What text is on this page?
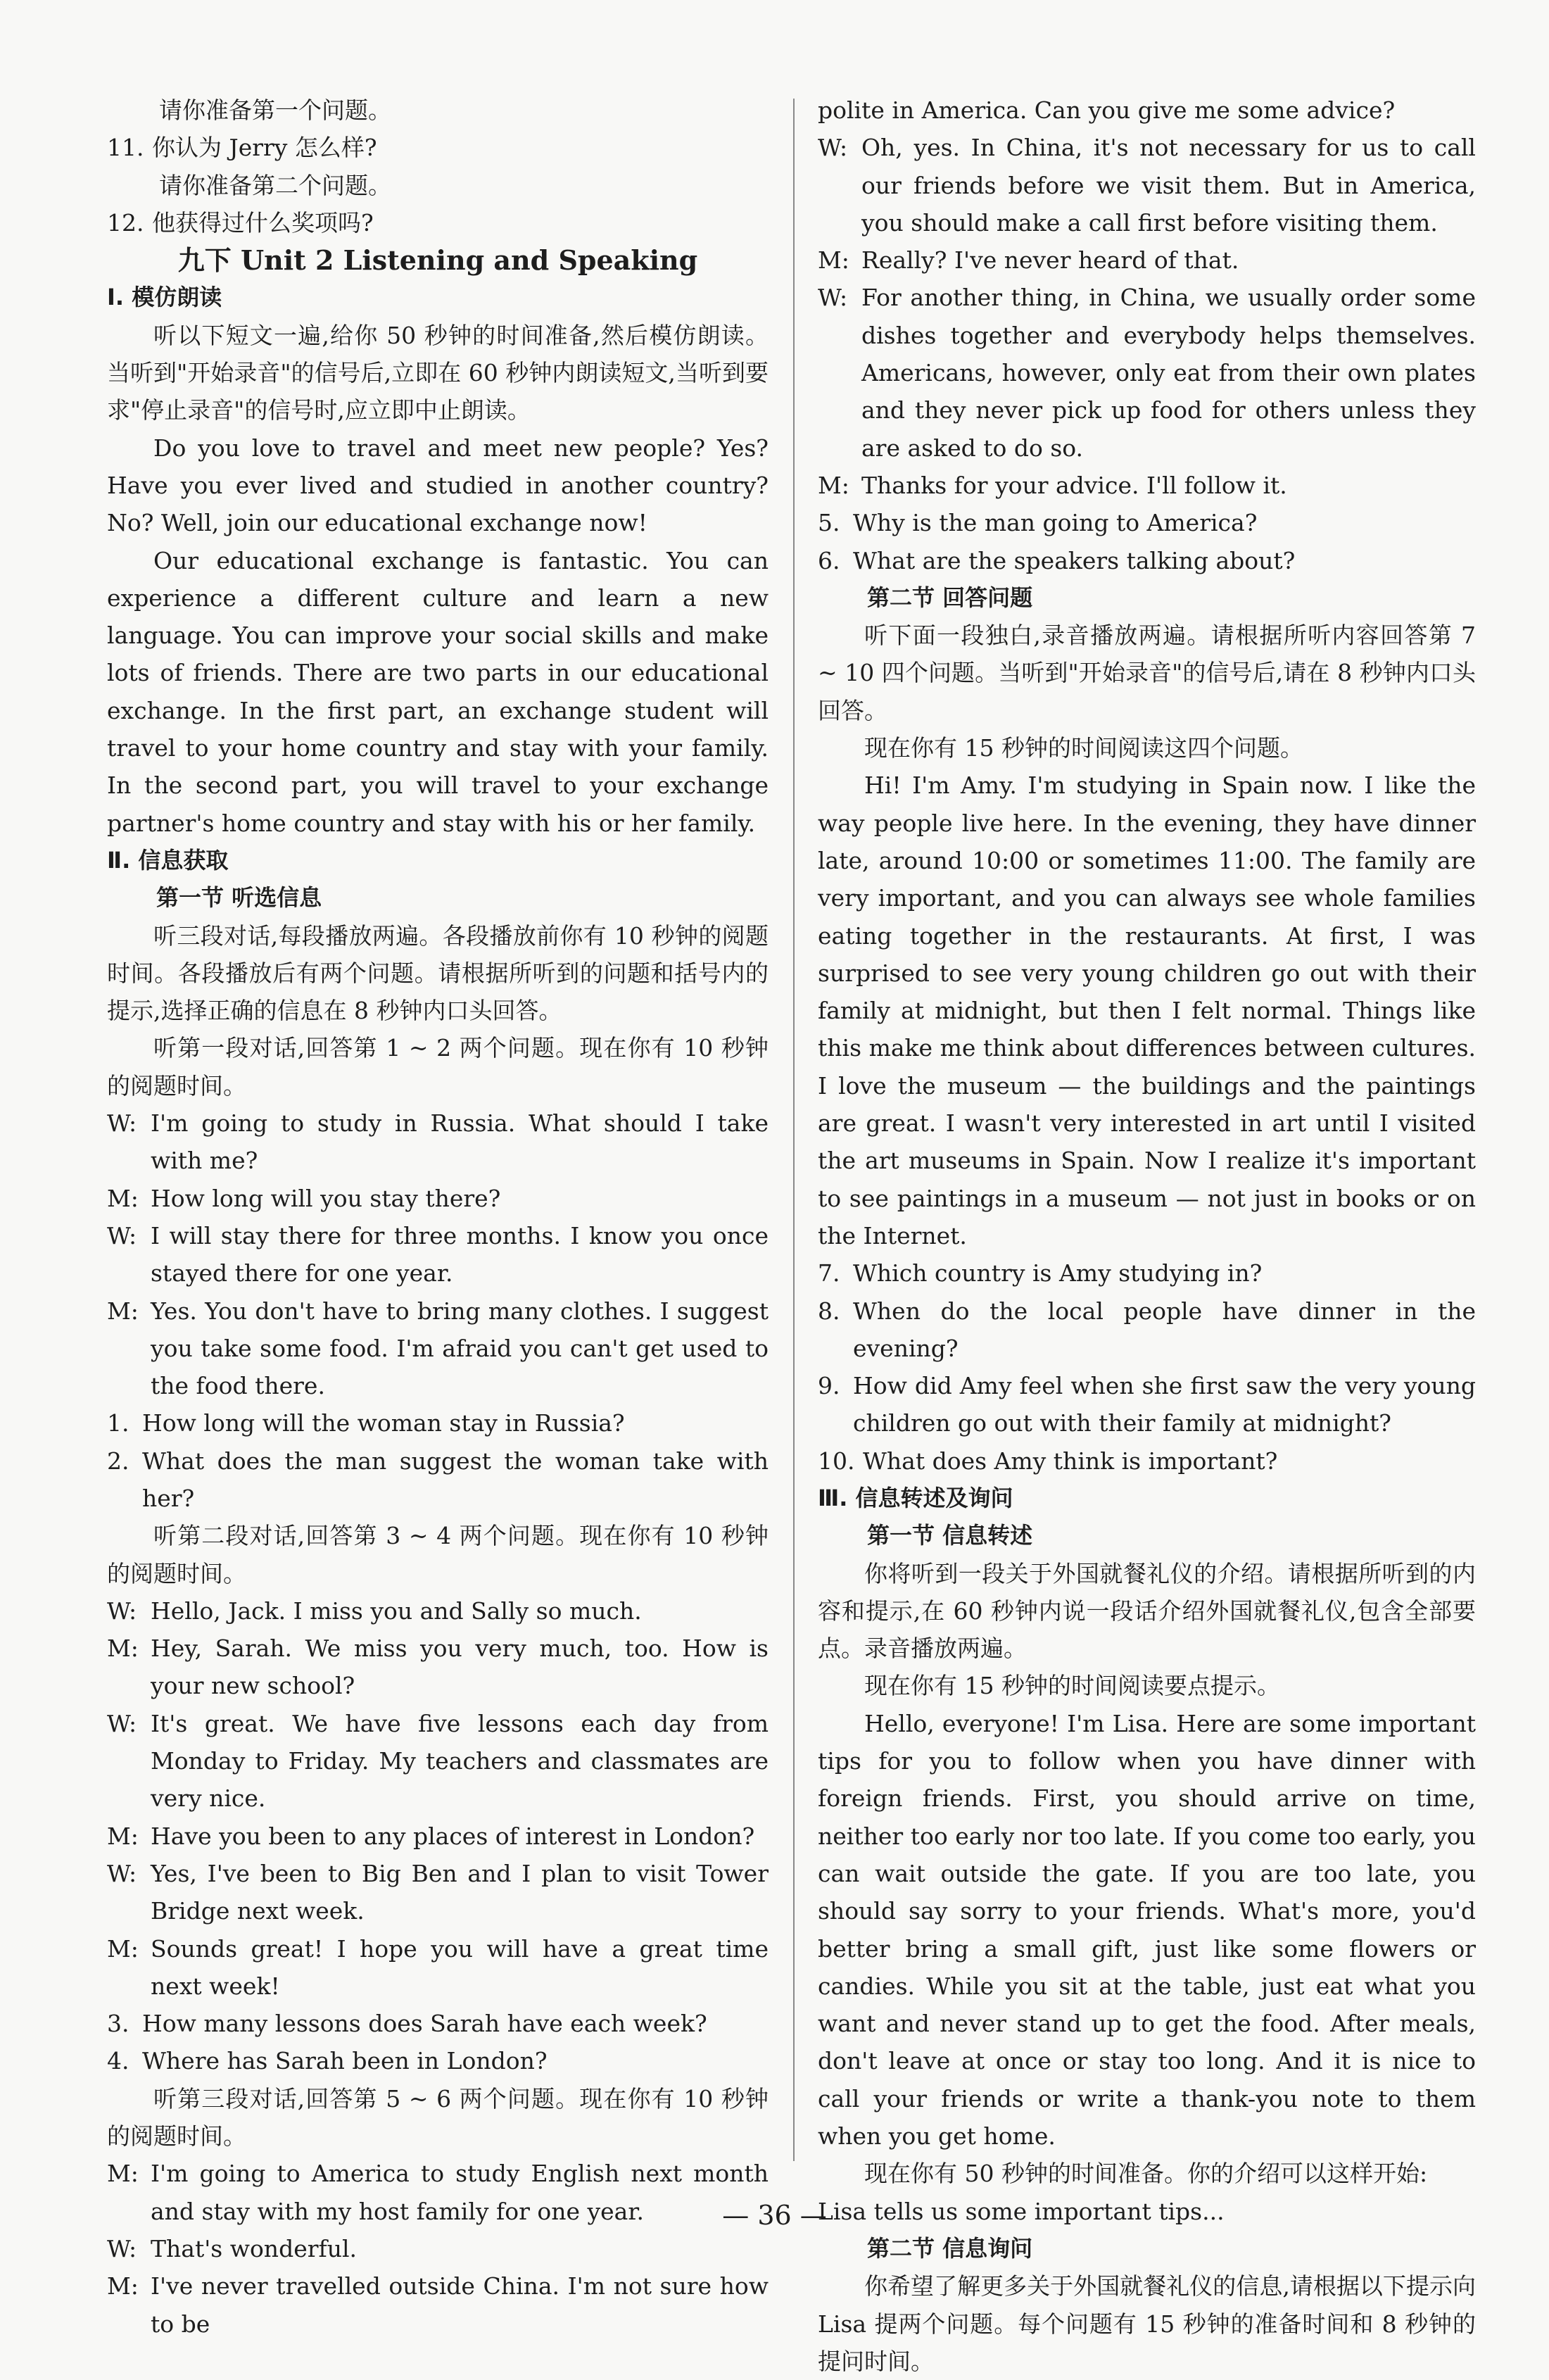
请你准备第一个问题。

11. 你认为 Jerry 怎么样?

请你准备第二个问题。

12. 他获得过什么奖项吗?

九下 Unit 2 Listening and Speaking

Ⅰ. 模仿朗读

听以下短文一遍,给你 50 秒钟的时间准备,然后模仿朗读。当听到"开始录音"的信号后,立即在 60 秒钟内朗读短文,当听到要求"停止录音"的信号时,应立即中止朗读。

Do you love to travel and meet new people? Yes? Have you ever lived and studied in another country? No? Well, join our educational exchange now!

Our educational exchange is fantastic. You can experience a different culture and learn a new language. You can improve your social skills and make lots of friends. There are two parts in our educational exchange. In the first part, an exchange student will travel to your home country and stay with your family. In the second part, you will travel to your exchange partner's home country and stay with his or her family.

Ⅱ. 信息获取

第一节 听选信息

听三段对话,每段播放两遍。各段播放前你有 10 秒钟的阅题时间。各段播放后有两个问题。请根据所听到的问题和括号内的提示,选择正确的信息在 8 秒钟内口头回答。

听第一段对话,回答第 1 ~ 2 两个问题。现在你有 10 秒钟的阅题时间。

W: I'm going to study in Russia. What should I take with me?
M: How long will you stay there?
W: I will stay there for three months. I know you once stayed there for one year.
M: Yes. You don't have to bring many clothes. I suggest you take some food. I'm afraid you can't get used to the food there.
1. How long will the woman stay in Russia?
2. What does the man suggest the woman take with her?

听第二段对话,回答第 3 ~ 4 两个问题。现在你有 10 秒钟的阅题时间。

W: Hello, Jack. I miss you and Sally so much.
M: Hey, Sarah. We miss you very much, too. How is your new school?
W: It's great. We have five lessons each day from Monday to Friday. My teachers and classmates are very nice.
M: Have you been to any places of interest in London?
W: Yes, I've been to Big Ben and I plan to visit Tower Bridge next week.
M: Sounds great! I hope you will have a great time next week!
3. How many lessons does Sarah have each week?
4. Where has Sarah been in London?

听第三段对话,回答第 5 ~ 6 两个问题。现在你有 10 秒钟的阅题时间。

M: I'm going to America to study English next month and stay with my host family for one year.
W: That's wonderful.
M: I've never travelled outside China. I'm not sure how to be

polite in America. Can you give me some advice?

W: Oh, yes. In China, it's not necessary for us to call our friends before we visit them. But in America, you should make a call first before visiting them.
M: Really? I've never heard of that.
W: For another thing, in China, we usually order some dishes together and everybody helps themselves. Americans, however, only eat from their own plates and they never pick up food for others unless they are asked to do so.
M: Thanks for your advice. I'll follow it.
5. Why is the man going to America?
6. What are the speakers talking about?

第二节 回答问题

听下面一段独白,录音播放两遍。请根据所听内容回答第 7 ~ 10 四个问题。当听到"开始录音"的信号后,请在 8 秒钟内口头回答。

现在你有 15 秒钟的时间阅读这四个问题。

Hi! I'm Amy. I'm studying in Spain now. I like the way people live here. In the evening, they have dinner late, around 10:00 or sometimes 11:00. The family are very important, and you can always see whole families eating together in the restaurants. At first, I was surprised to see very young children go out with their family at midnight, but then I felt normal. Things like this make me think about differences between cultures. I love the museum — the buildings and the paintings are great. I wasn't very interested in art until I visited the art museums in Spain. Now I realize it's important to see paintings in a museum — not just in books or on the Internet.

7. Which country is Amy studying in?
8. When do the local people have dinner in the evening?
9. How did Amy feel when she first saw the very young children go out with their family at midnight?
10. What does Amy think is important?

Ⅲ. 信息转述及询问

第一节 信息转述

你将听到一段关于外国就餐礼仪的介绍。请根据所听到的内容和提示,在 60 秒钟内说一段话介绍外国就餐礼仪,包含全部要点。录音播放两遍。

现在你有 15 秒钟的时间阅读要点提示。

Hello, everyone! I'm Lisa. Here are some important tips for you to follow when you have dinner with foreign friends. First, you should arrive on time, neither too early nor too late. If you come too early, you can wait outside the gate. If you are too late, you should say sorry to your friends. What's more, you'd better bring a small gift, just like some flowers or candies. While you sit at the table, just eat what you want and never stand up to get the food. After meals, don't leave at once or stay too long. And it is nice to call your friends or write a thank-you note to them when you get home.

现在你有 50 秒钟的时间准备。你的介绍可以这样开始:

Lisa tells us some important tips...

第二节 信息询问

你希望了解更多关于外国就餐礼仪的信息,请根据以下提示向 Lisa 提两个问题。每个问题有 15 秒钟的准备时间和 8 秒钟的提问时间。

— 36 —
